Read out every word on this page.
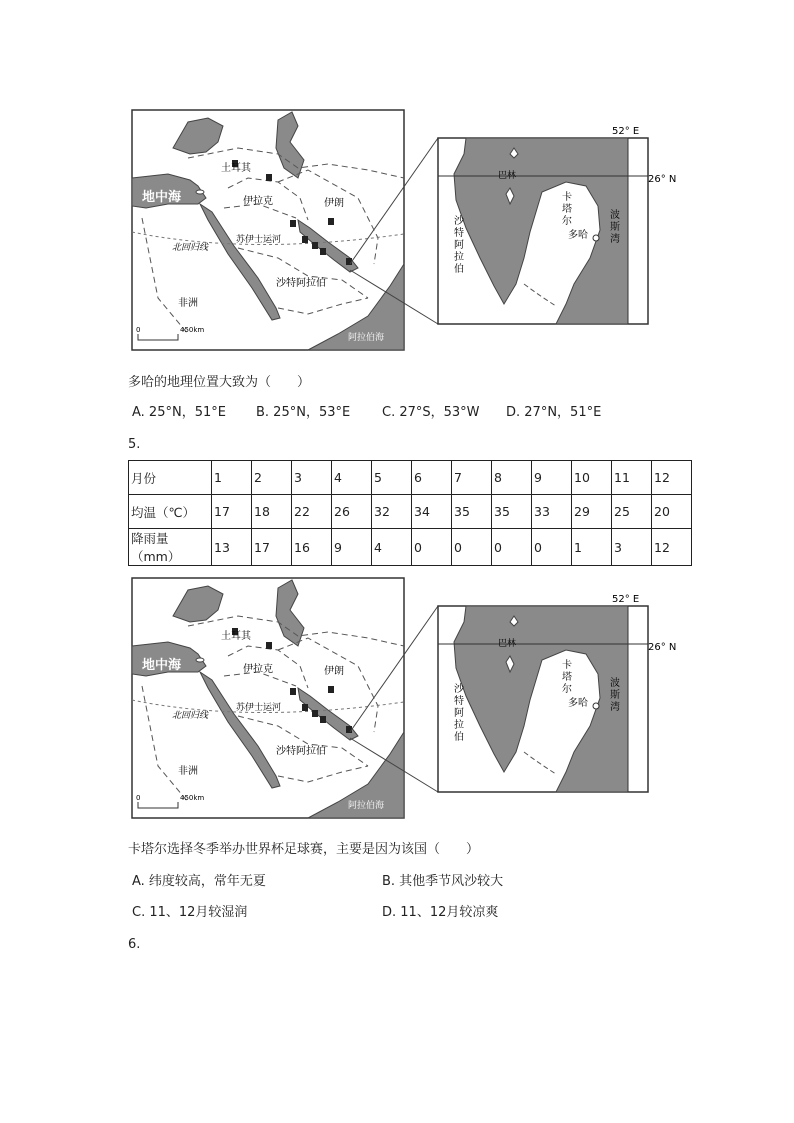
土耳其
伊拉克	伊朗
地中海
苏伊士运河
北回归线
沙特阿拉伯
非洲
阿拉伯海
0	450km
52° E
26° N
巴林
多哈
卡
塔
尔
沙
特
阿
拉
伯
波
斯
湾
多哈的地理位置大致为（　　）
A. 25°N，51°E B. 25°N，53°E C. 27°S，53°W D. 27°N，51°E
5.
月份	1	2	3	4	5	6	7	8	9	10	11	12
均温（℃）	17	18	22	26	32	34	35	35	33	29	25	20
降雨量（mm）	13	17	16	9	4	0	0	0	0	1	3	12
土耳其
伊拉克	伊朗
地中海
苏伊士运河
北回归线
沙特阿拉伯
非洲
阿拉伯海
0	450km
52° E
26° N
巴林
多哈
卡
塔
尔
沙
特
阿
拉
伯
波
斯
湾
卡塔尔选择冬季举办世界杯足球赛，主要是因为该国（　　）
A. 纬度较高，常年无夏	B. 其他季节风沙较大
C. 11、12月较湿润	D. 11、12月较凉爽
6.
